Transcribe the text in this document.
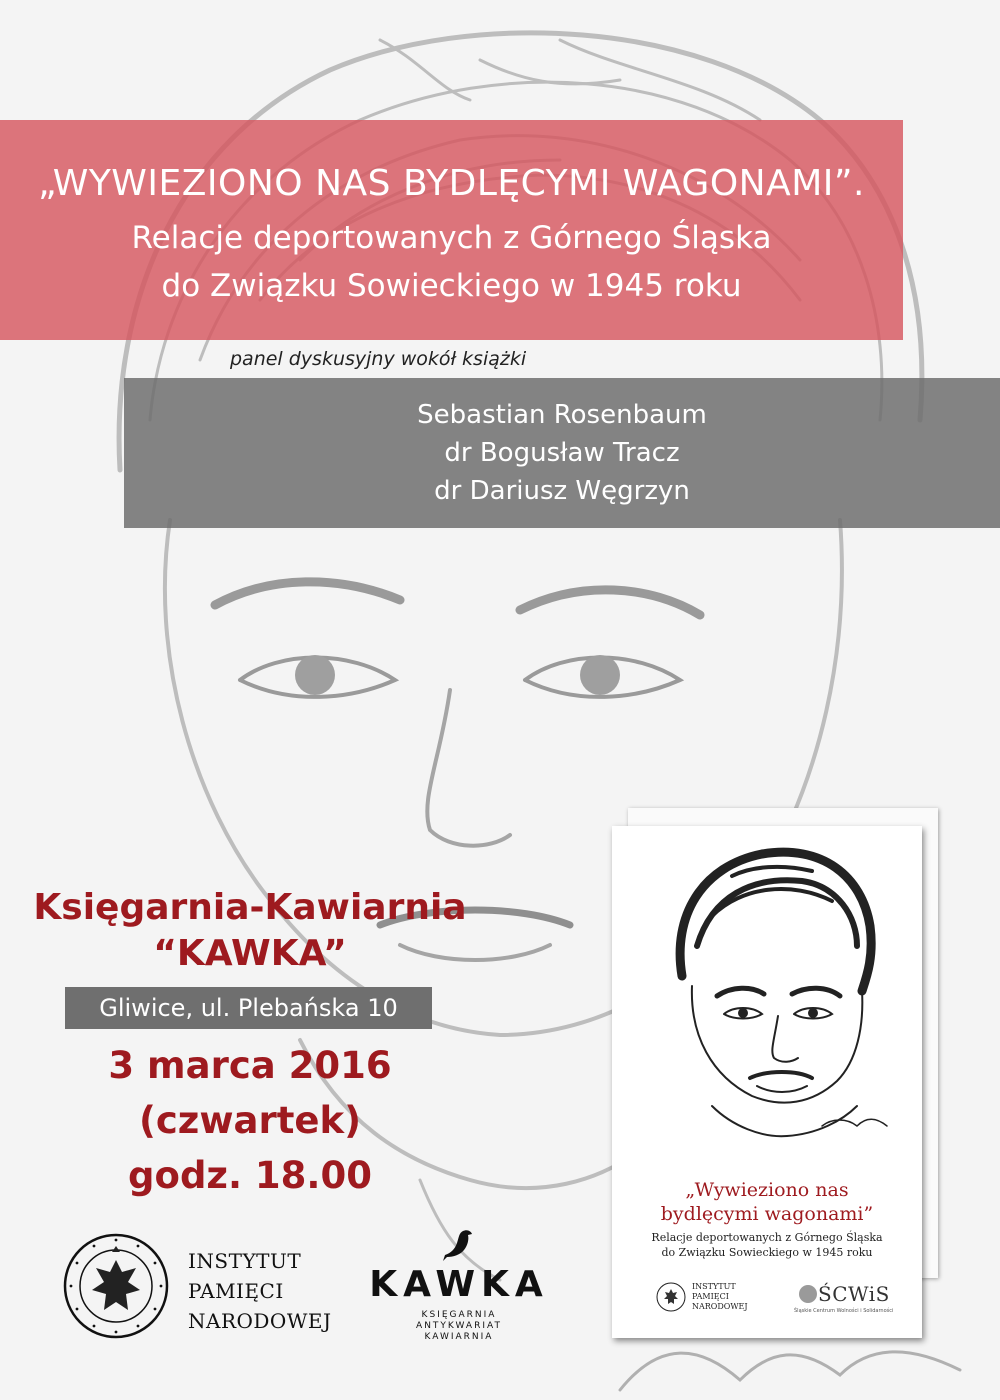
„WYWIEZIONO NAS BYDLĘCYMI WAGONAMI”.
Relacje deportowanych z Górnego Śląska
do Związku Sowieckiego w 1945 roku
panel dyskusyjny wokół książki
Sebastian Rosenbaum
dr Bogusław Tracz
dr Dariusz Węgrzyn
Księgarnia-Kawiarnia
“KAWKA”
Gliwice, ul. Plebańska 10
3 marca 2016
(czwartek)
godz. 18.00
INSTYTUT
PAMIĘCI
NARODOWEJ
KAWKA
KSIĘGARNIA
ANTYKWARIAT
KAWIARNIA
„Wywieziono nas
bydlęcymi wagonami”
Relacje deportowanych z Górnego Śląska
do Związku Sowieckiego w 1945 roku
INSTYTUT
PAMIĘCI
NARODOWEJ
ŚCWiS
Śląskie Centrum Wolności i Solidarności
